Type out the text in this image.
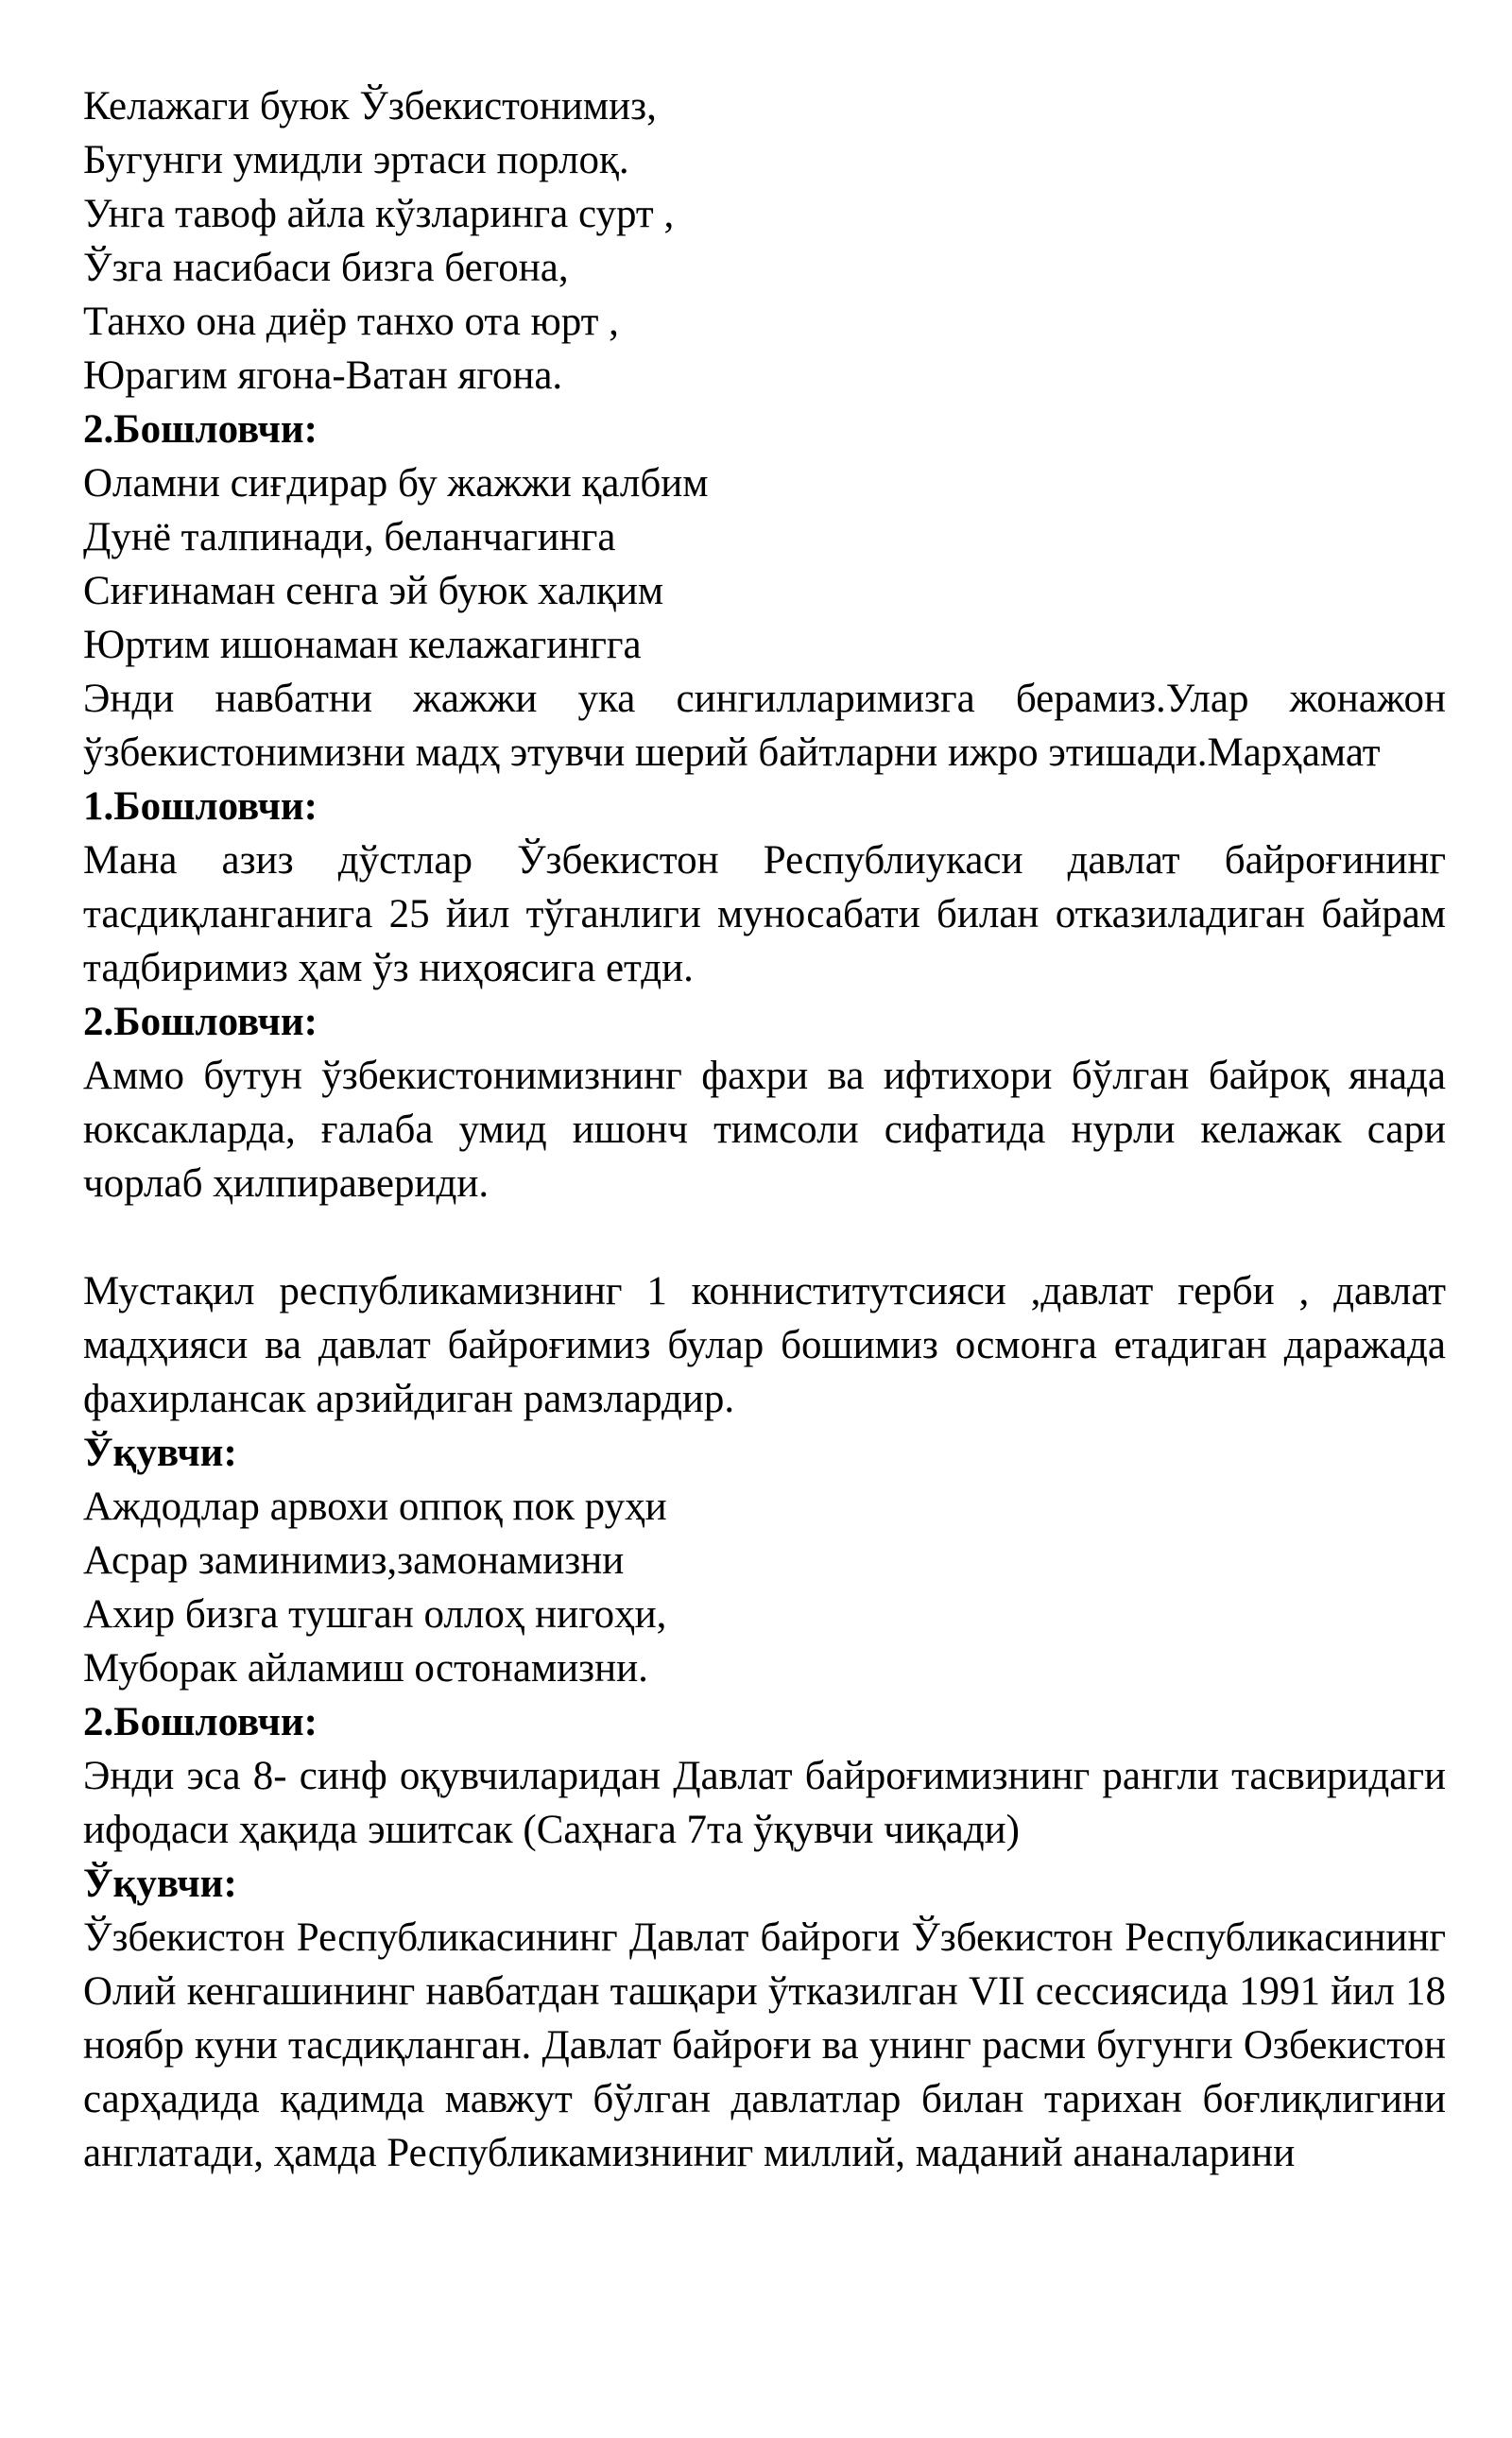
Келажаги буюк Ўзбекистонимиз,
Бугунги умидли эртаси порлоқ.
Унга тавоф айла кўзларинга сурт ,
Ўзга насибаси бизга бегона,
Танхо она диёр танхо ота юрт ,
Юрагим ягона-Ватан ягона.
2.Бошловчи:
Оламни сиғдирар бу жажжи қалбим
Дунё талпинади, беланчагинга
Сиғинаман сенга эй буюк халқим
Юртим ишонаман келажагингга

Энди навбатни жажжи ука сингилларимизга берамиз.Улар жонажон ўзбекистонимизни мадҳ этувчи шерий байтларни ижро этишади.Марҳамат

1.Бошловчи:

Мана азиз дўстлар Ўзбекистон Республиукаси давлат байроғининг тасдиқланганига 25 йил тўганлиги муносабати билан отказиладиган байрам тадбиримиз ҳам ўз ниҳоясига етди.

2.Бошловчи:

Аммо бутун ўзбекистонимизнинг фахри ва ифтихори бўлган байроқ янада юксакларда, ғалаба умид ишонч тимсоли сифатида нурли келажак сари чорлаб ҳилпиравериди.

Мустақил республикамизнинг 1 конниститутсияси ,давлат герби , давлат мадҳияси ва давлат байроғимиз булар бошимиз осмонга етадиган даражада фахирлансак арзийдиган рамзлардир.

Ўқувчи:
Аждодлар арвохи оппоқ пок руҳи
Асрар заминимиз,замонамизни
Ахир бизга тушган оллоҳ нигоҳи,
Муборак айламиш остонамизни.
2.Бошловчи:

Энди эса 8- синф оқувчиларидан Давлат байроғимизнинг рангли тасвиридаги ифодаси ҳақида эшитсак (Саҳнага 7та ўқувчи чиқади)

Ўқувчи:

Ўзбекистон Республикасининг Давлат байроги Ўзбекистон Республикасининг Олий кенгашининг навбатдан ташқари ўтказилган VII сессиясида 1991 йил 18 ноябр куни тасдиқланган. Давлат байроғи ва унинг расми бугунги Озбекистон сарҳадида қадимда мавжут бўлган давлатлар билан тарихан боғлиқлигини англатади, ҳамда Республикамизниниг миллий, маданий ананаларини
